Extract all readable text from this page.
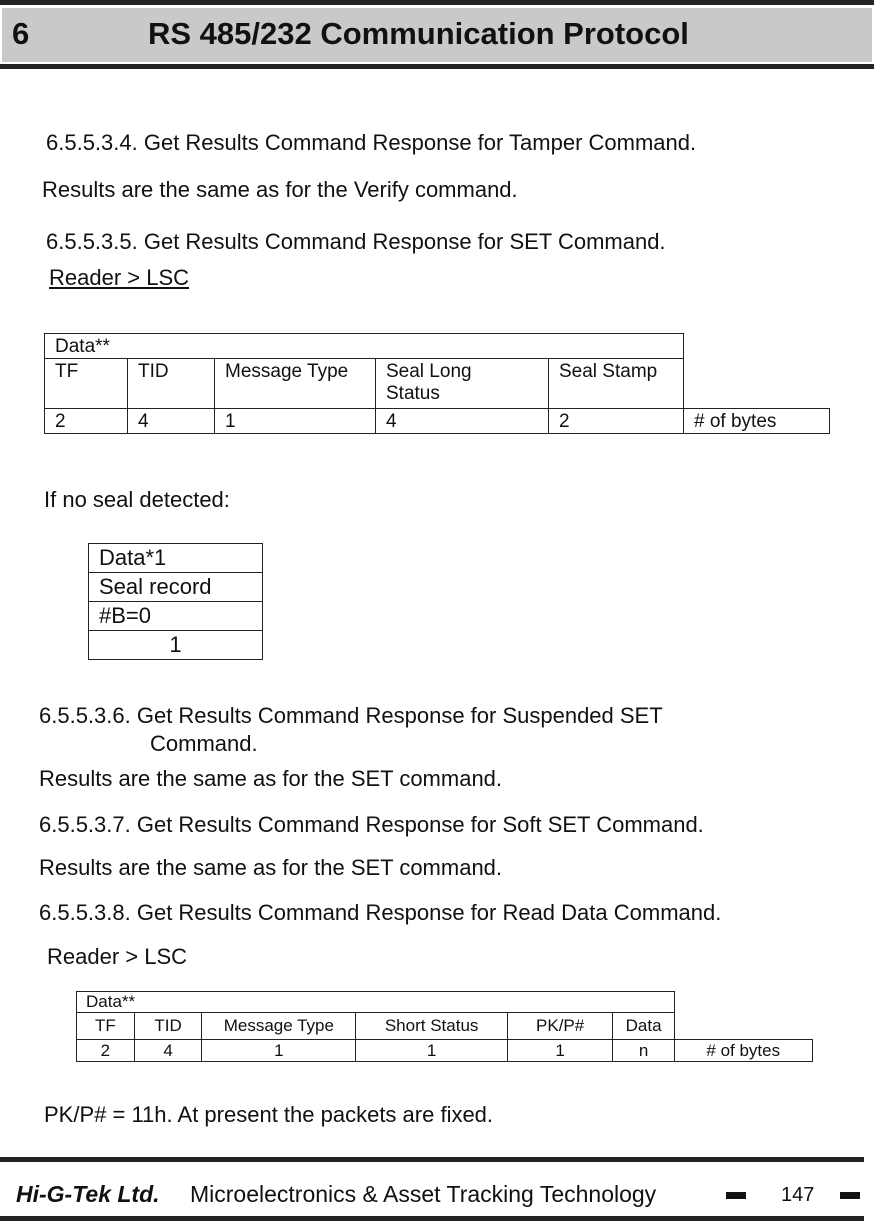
6	RS 485/232 Communication Protocol
6.5.5.3.4. Get Results Command Response for Tamper Command.
Results are the same as for the Verify command.
6.5.5.3.5. Get Results Command Response for SET Command.
Reader > LSC
Data**					
TF	TID	Message Type	Seal Long
Status	Seal Stamp	
2	4	1	4	2	# of bytes
If no seal detected:
Data*1
Seal record
#B=0
1
6.5.5.3.6. Get Results Command Response for Suspended SET
Command.
Results are the same as for the SET command.
6.5.5.3.7. Get Results Command Response for Soft SET Command.
Results are the same as for the SET command.
6.5.5.3.8. Get Results Command Response for Read Data Command.
Reader > LSC
Data**						
TF	TID	Message Type	Short Status	PK/P#	Data	
2	4	1	1	1	n	# of bytes
PK/P# = 11h. At present the packets are fixed.
Hi-G-Tek Ltd. Microelectronics & Asset Tracking Technology	147
